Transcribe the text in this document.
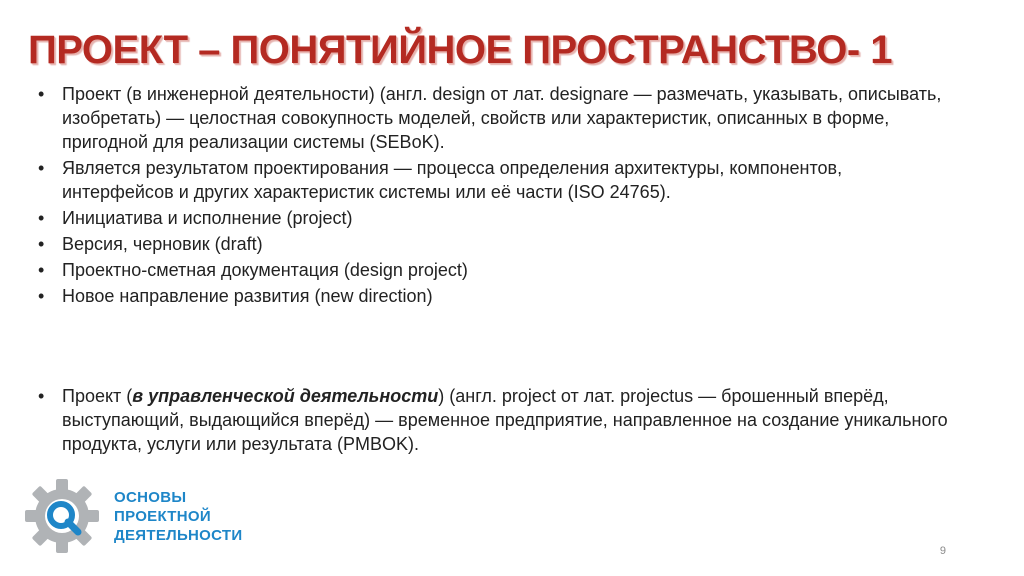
ПРОЕКТ – ПОНЯТИЙНОЕ ПРОСТРАНСТВО- 1
• Проект (в инженерной деятельности) (англ. design от лат. designare — размечать, указывать, описывать, изобретать) — целостная совокупность моделей, свойств или характеристик, описанных в форме, пригодной для реализации системы (SEBoK).
• Является результатом проектирования — процесса определения архитектуры, компонентов, интерфейсов и других характеристик системы или её части (ISO 24765).
• Инициатива и исполнение (project)
• Версия, черновик (draft)
• Проектно-сметная документация (design project)
• Новое направление развития (new direction)
• Проект (в управленческой деятельности) (англ. project от лат. projectus — брошенный вперёд, выступающий, выдающийся вперёд) — временное предприятие, направленное на создание уникального продукта, услуги или результата (PMBOK).
ОСНОВЫ
ПРОЕКТНОЙ
ДЕЯТЕЛЬНОСТИ
9
